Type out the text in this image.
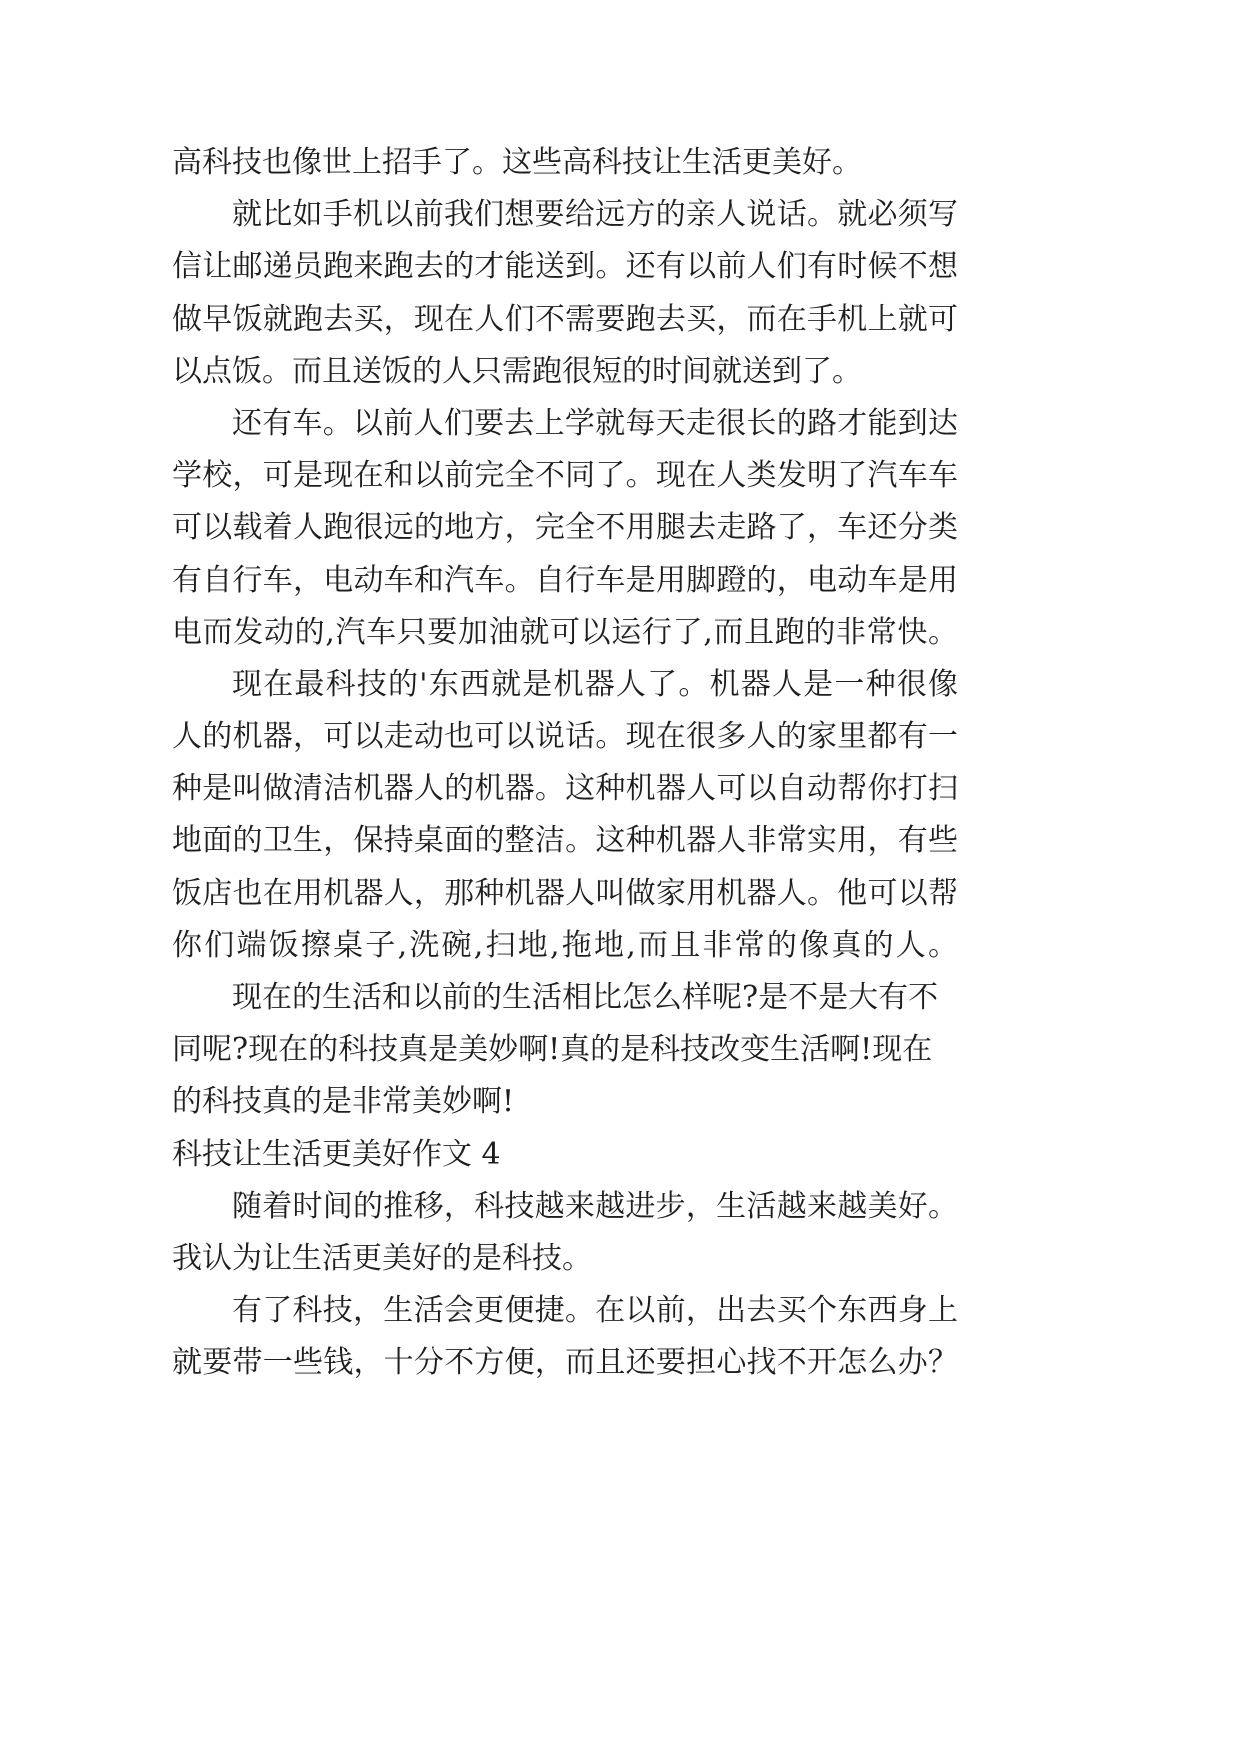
高科技也像世上招手了。这些高科技让生活更美好。
就比如手机以前我们想要给远方的亲人说话。就必须写
信让邮递员跑来跑去的才能送到。还有以前人们有时候不想
做早饭就跑去买，现在人们不需要跑去买，而在手机上就可
以点饭。而且送饭的人只需跑很短的时间就送到了。
还有车。以前人们要去上学就每天走很长的路才能到达
学校，可是现在和以前完全不同了。现在人类发明了汽车车
可以载着人跑很远的地方，完全不用腿去走路了，车还分类
有自行车，电动车和汽车。自行车是用脚蹬的，电动车是用
电而发动的,汽车只要加油就可以运行了,而且跑的非常快。
现在最科技的'东西就是机器人了。机器人是一种很像
人的机器，可以走动也可以说话。现在很多人的家里都有一
种是叫做清洁机器人的机器。这种机器人可以自动帮你打扫
地面的卫生，保持桌面的整洁。这种机器人非常实用，有些
饭店也在用机器人，那种机器人叫做家用机器人。他可以帮
你们端饭擦桌子,洗碗,扫地,拖地,而且非常的像真的人。
现在的生活和以前的生活相比怎么样呢?是不是大有不
同呢?现在的科技真是美妙啊!真的是科技改变生活啊!现在
的科技真的是非常美妙啊!
科技让生活更美好作文 4
随着时间的推移，科技越来越进步，生活越来越美好。
我认为让生活更美好的是科技。
有了科技，生活会更便捷。在以前，出去买个东西身上
就要带一些钱，十分不方便，而且还要担心找不开怎么办？
